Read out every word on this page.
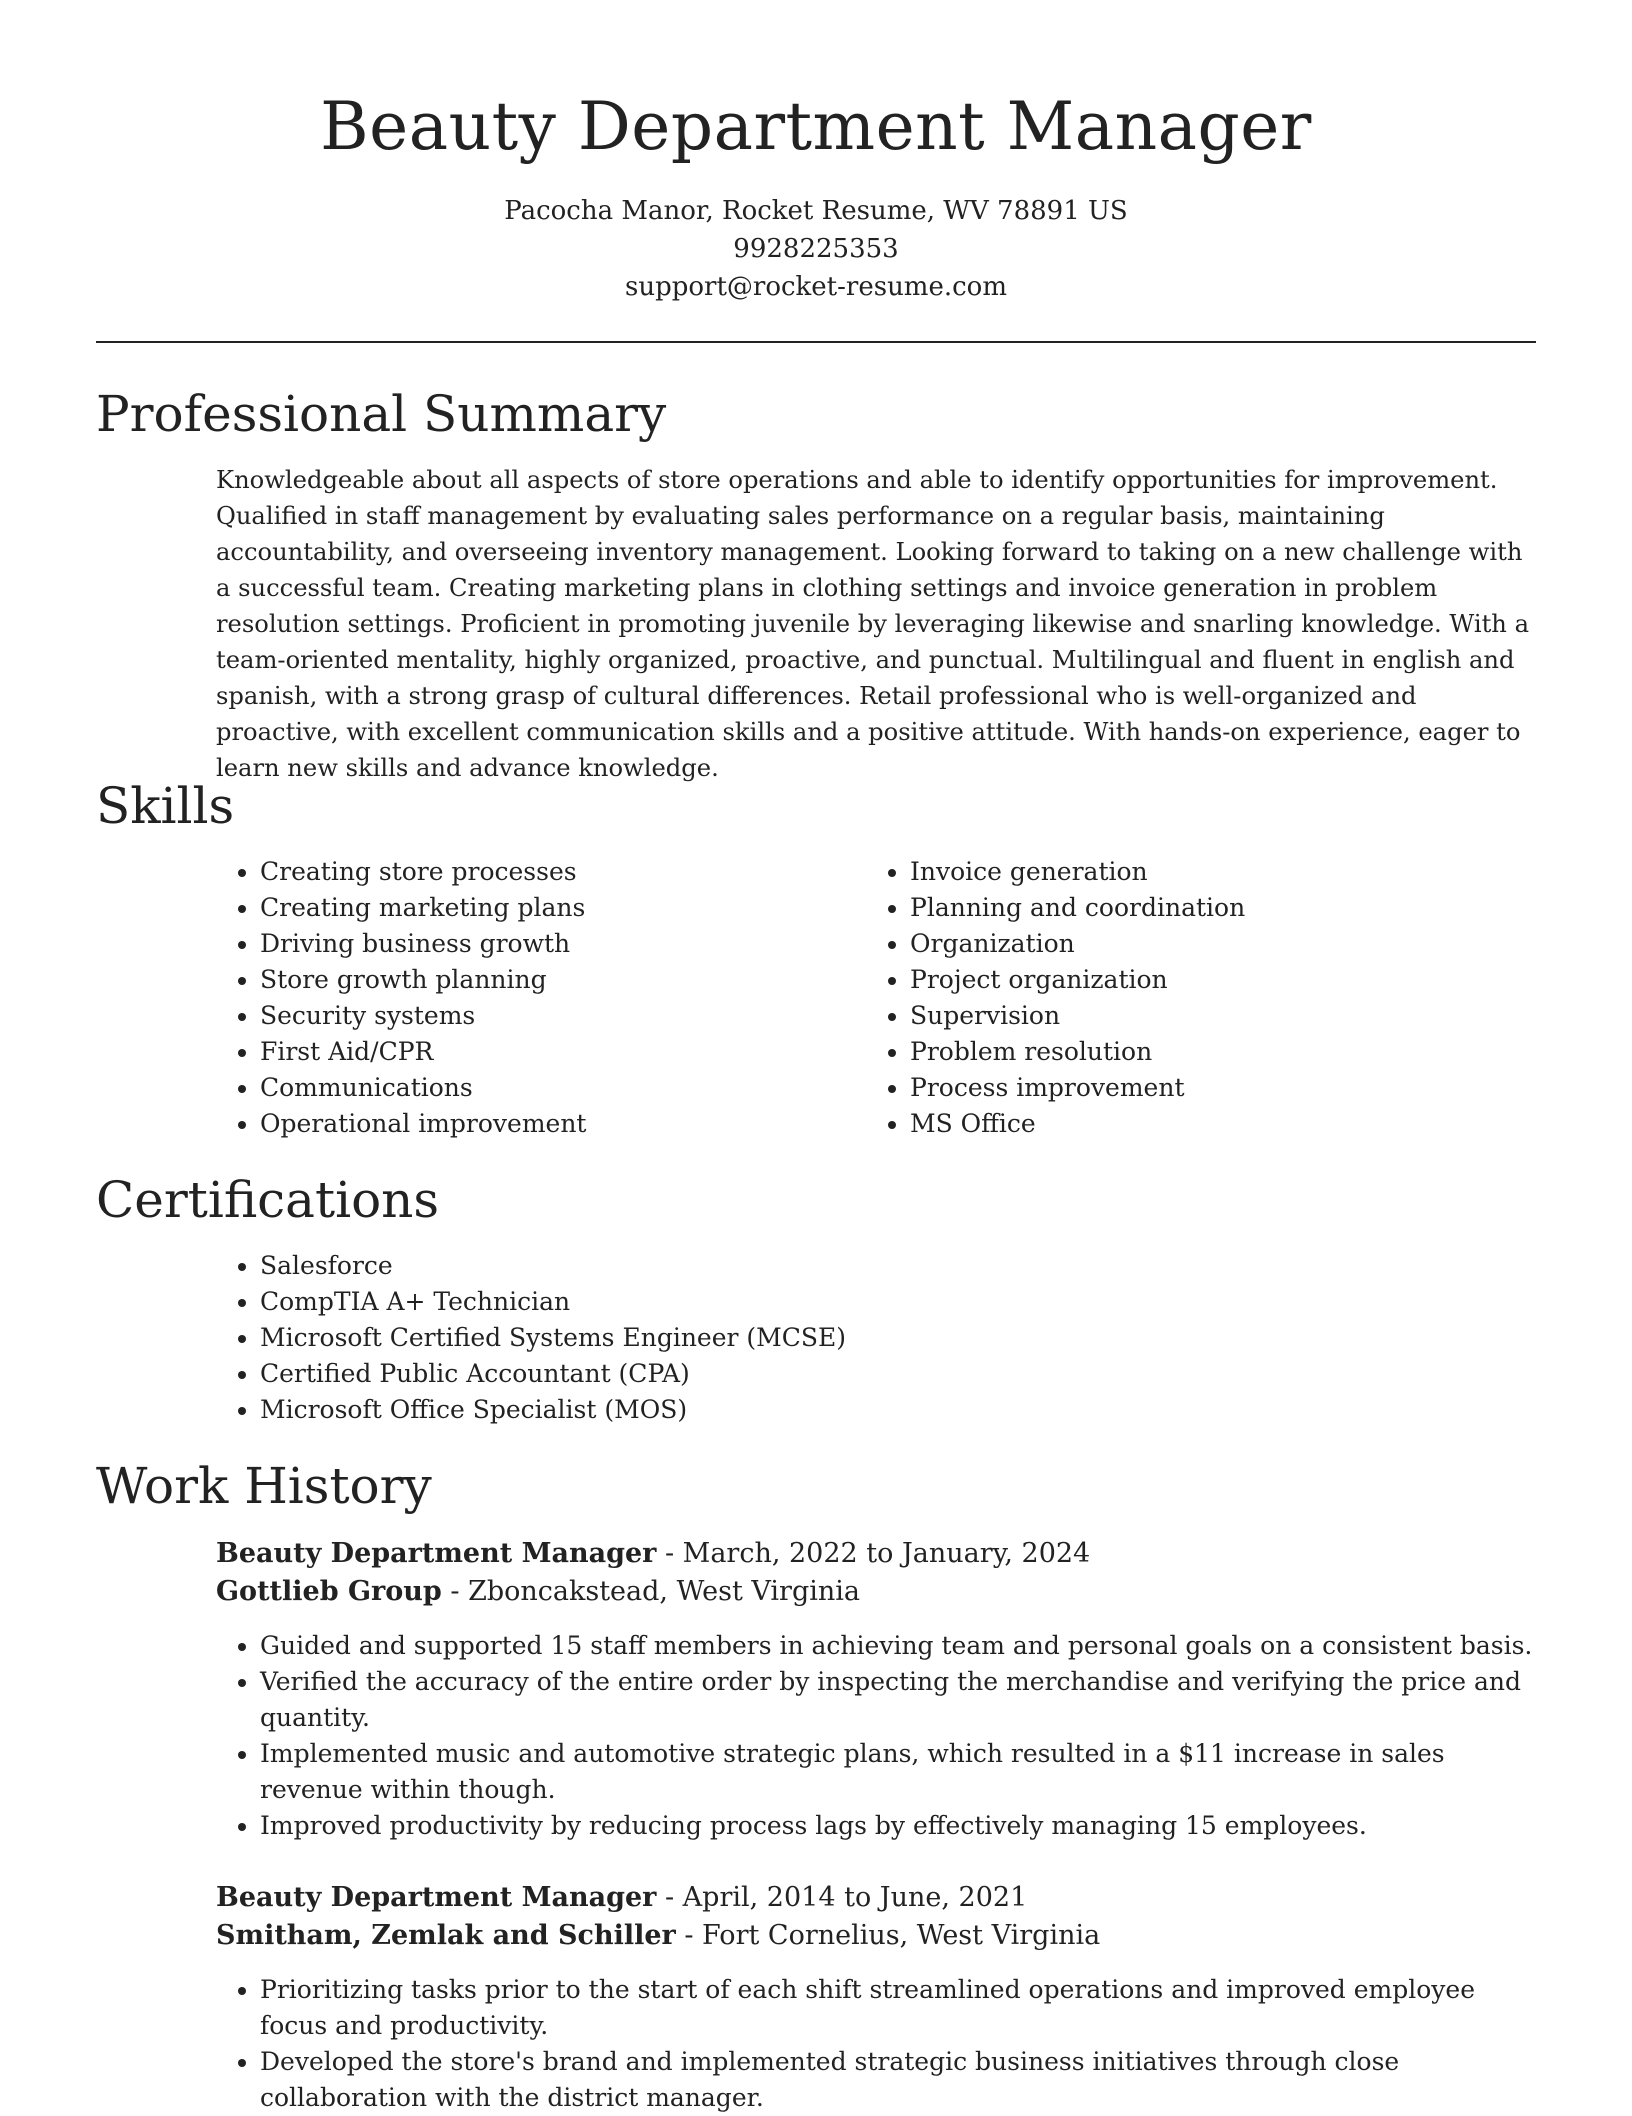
Beauty Department Manager
Pacocha Manor, Rocket Resume, WV 78891 US
9928225353
support@rocket-resume.com
Professional Summary

Knowledgeable about all aspects of store operations and able to identify opportunities for improvement. Qualified in staff management by evaluating sales performance on a regular basis, maintaining accountability, and overseeing inventory management. Looking forward to taking on a new challenge with a successful team. Creating marketing plans in clothing settings and invoice generation in problem resolution settings. Proficient in promoting juvenile by leveraging likewise and snarling knowledge. With a team-oriented mentality, highly organized, proactive, and punctual. Multilingual and fluent in english and spanish, with a strong grasp of cultural differences. Retail professional who is well-organized and proactive, with excellent communication skills and a positive attitude. With hands-on experience, eager to learn new skills and advance knowledge.

Skills
• Creating store processes
• Creating marketing plans
• Driving business growth
• Store growth planning
• Security systems
• First Aid/CPR
• Communications
• Operational improvement
• Invoice generation
• Planning and coordination
• Organization
• Project organization
• Supervision
• Problem resolution
• Process improvement
• MS Office
Certifications
• Salesforce
• CompTIA A+ Technician
• Microsoft Certified Systems Engineer (MCSE)
• Certified Public Accountant (CPA)
• Microsoft Office Specialist (MOS)
Work History
Beauty Department Manager - March, 2022 to January, 2024
Gottlieb Group - Zboncakstead, West Virginia
• Guided and supported 15 staff members in achieving team and personal goals on a consistent basis.
• Verified the accuracy of the entire order by inspecting the merchandise and verifying the price and quantity.
• Implemented music and automotive strategic plans, which resulted in a $11 increase in sales revenue within though.
• Improved productivity by reducing process lags by effectively managing 15 employees.
Beauty Department Manager - April, 2014 to June, 2021
Smitham, Zemlak and Schiller - Fort Cornelius, West Virginia
• Prioritizing tasks prior to the start of each shift streamlined operations and improved employee focus and productivity.
• Developed the store's brand and implemented strategic business initiatives through close collaboration with the district manager.
